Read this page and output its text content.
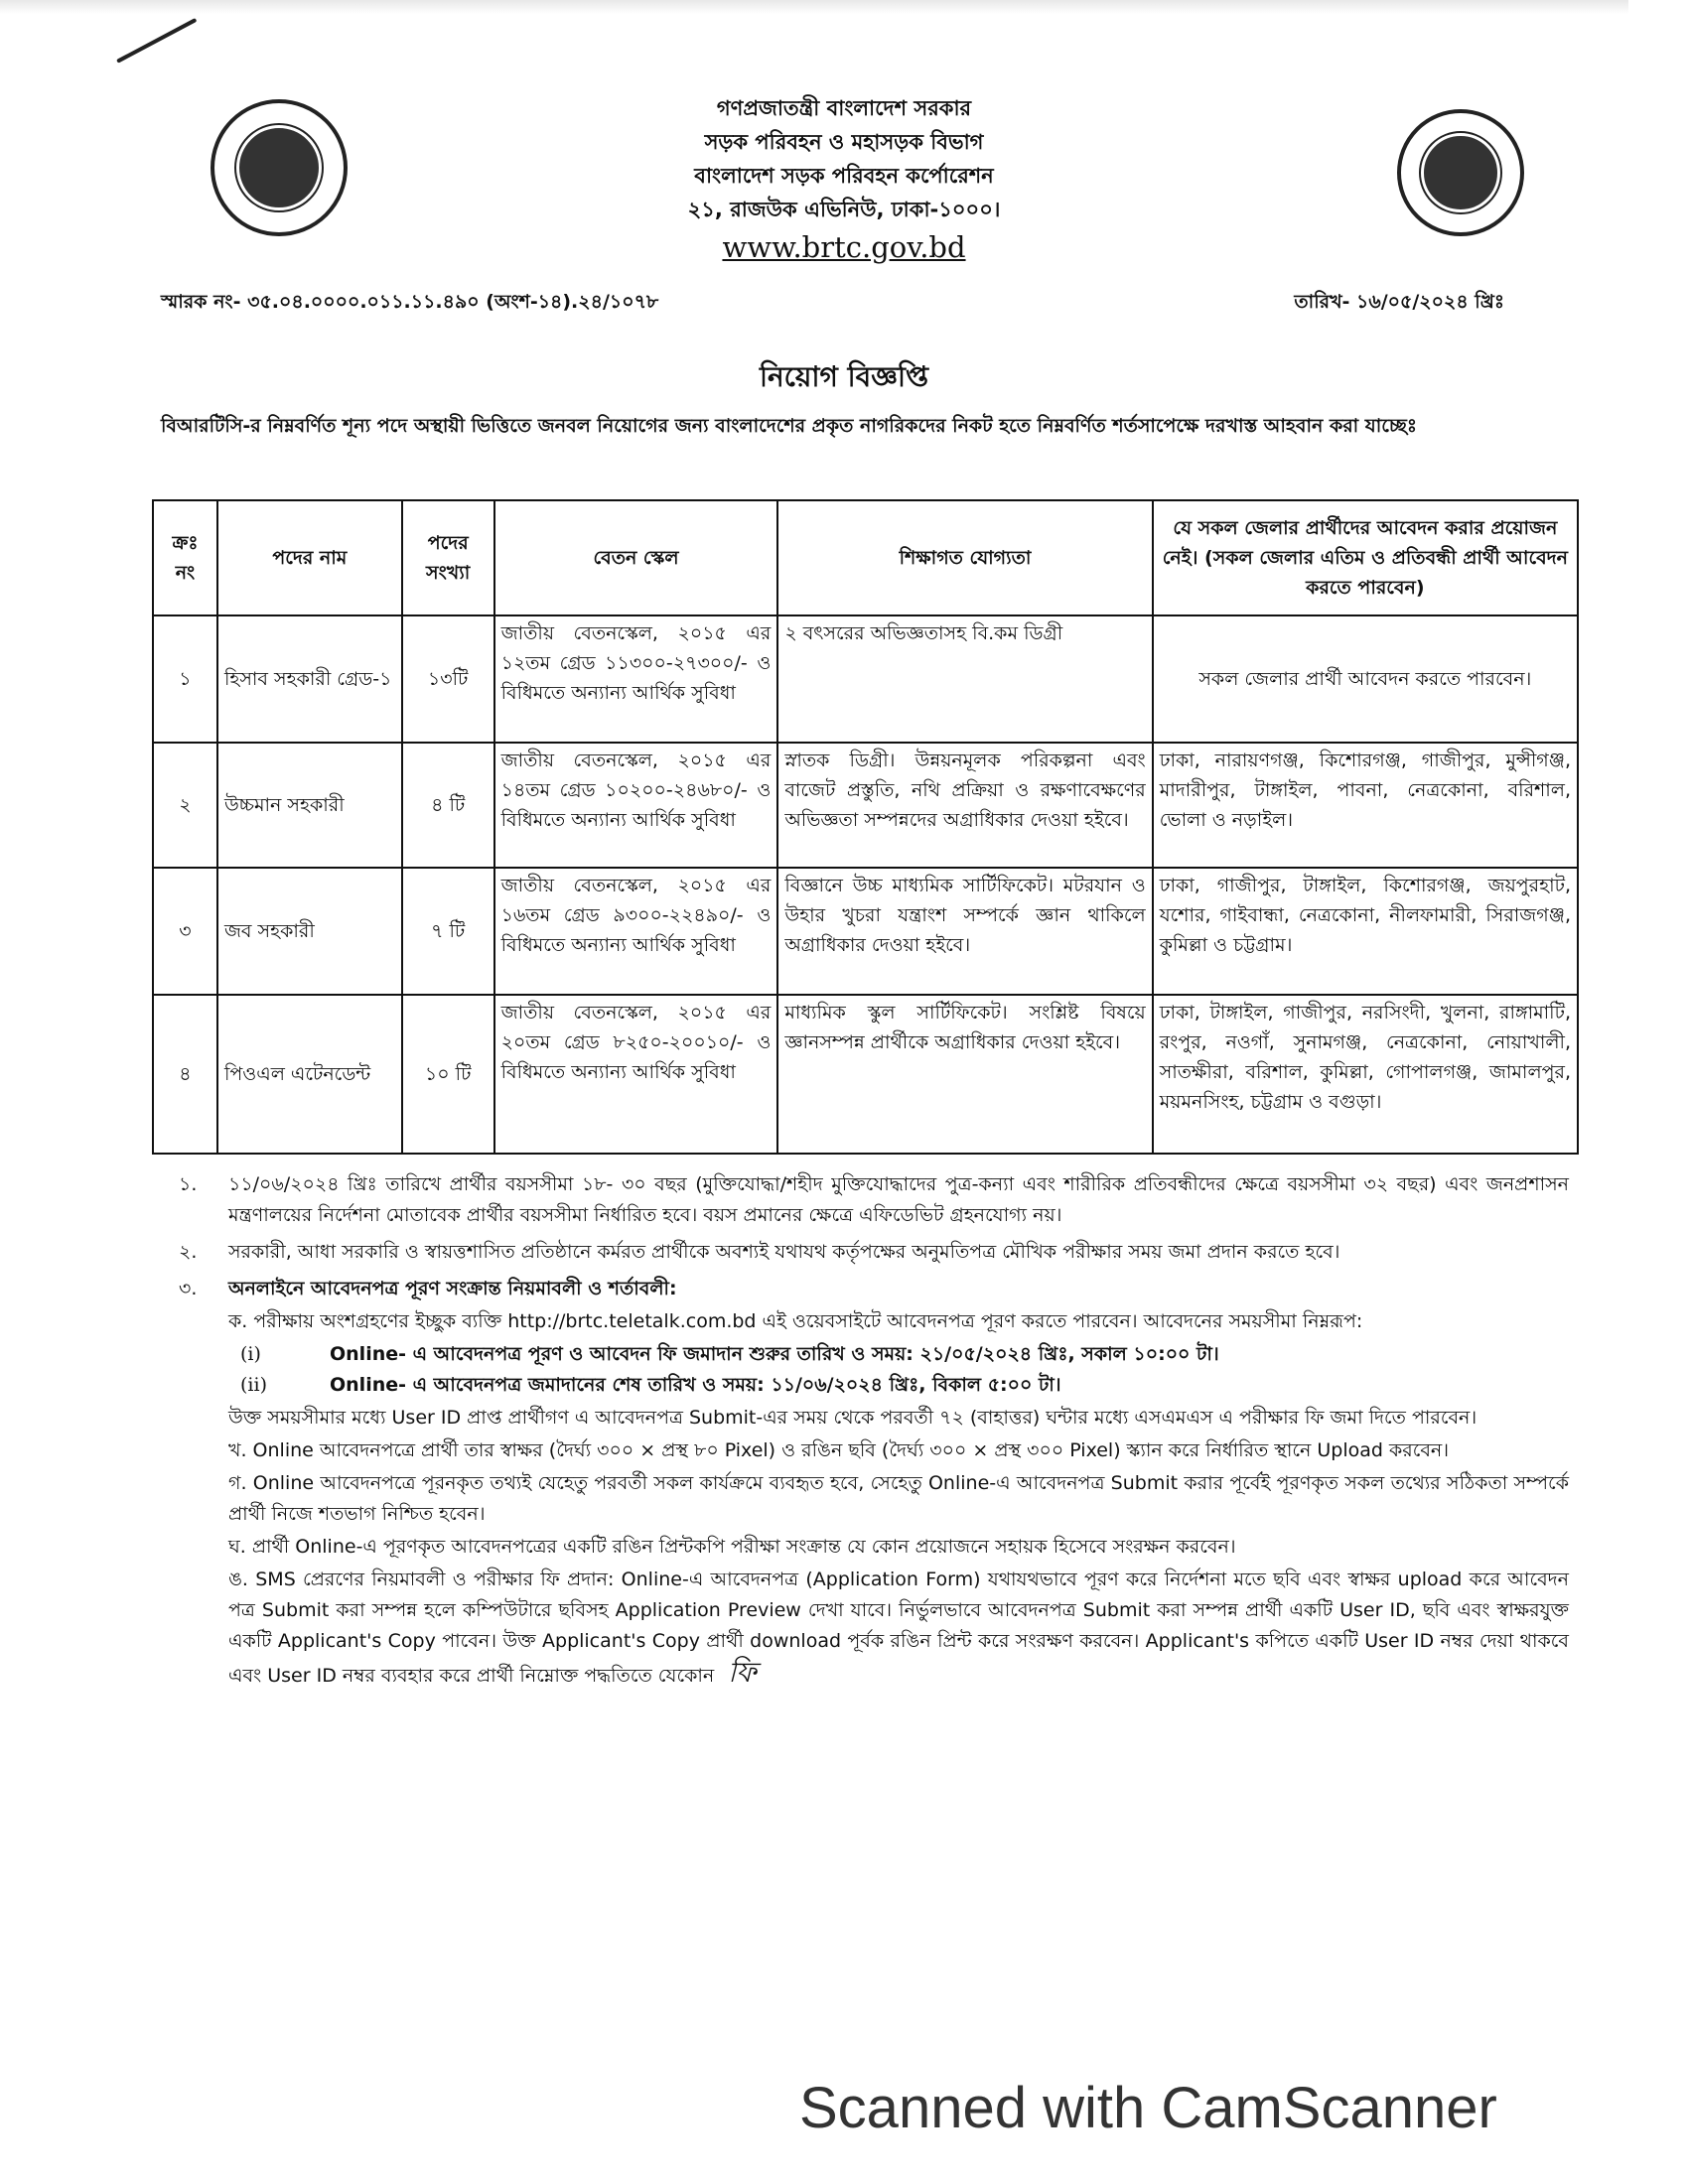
গণপ্রজাতন্ত্রী বাংলাদেশ সরকার
সড়ক পরিবহন ও মহাসড়ক বিভাগ
বাংলাদেশ সড়ক পরিবহন কর্পোরেশন
২১, রাজউক এভিনিউ, ঢাকা-১০০০।
www.brtc.gov.bd
স্মারক নং- ৩৫.০৪.০০০০.০১১.১১.৪৯০ (অংশ-১৪).২৪/১০৭৮	তারিখ- ১৬/০৫/২০২৪ খ্রিঃ
নিয়োগ বিজ্ঞপ্তি
বিআরটিসি-র নিম্নবর্ণিত শূন্য পদে অস্থায়ী ভিত্তিতে জনবল নিয়োগের জন্য বাংলাদেশের প্রকৃত নাগরিকদের নিকট হতে নিম্নবর্ণিত শর্তসাপেক্ষে দরখাস্ত আহবান করা যাচ্ছেঃ
ক্রঃ নং	পদের নাম	পদের সংখ্যা	বেতন স্কেল	শিক্ষাগত যোগ্যতা	যে সকল জেলার প্রার্থীদের আবেদন করার প্রয়োজন নেই। (সকল জেলার এতিম ও প্রতিবন্ধী প্রার্থী আবেদন করতে পারবেন)
১	হিসাব সহকারী গ্রেড-১	১৩টি	জাতীয় বেতনস্কেল, ২০১৫ এর ১২তম গ্রেড ১১৩০০-২৭৩০০/- ও বিধিমতে অন্যান্য আর্থিক সুবিধা	২ বৎসরের অভিজ্ঞতাসহ বি.কম ডিগ্রী	সকল জেলার প্রার্থী আবেদন করতে পারবেন।
২	উচ্চমান সহকারী	৪ টি	জাতীয় বেতনস্কেল, ২০১৫ এর ১৪তম গ্রেড ১০২০০-২৪৬৮০/- ও বিধিমতে অন্যান্য আর্থিক সুবিধা	স্নাতক ডিগ্রী। উন্নয়নমূলক পরিকল্পনা এবং বাজেট প্রস্তুতি, নথি প্রক্রিয়া ও রক্ষণাবেক্ষণের অভিজ্ঞতা সম্পন্নদের অগ্রাধিকার দেওয়া হইবে।	ঢাকা, নারায়ণগঞ্জ, কিশোরগঞ্জ, গাজীপুর, মুন্সীগঞ্জ, মাদারীপুর, টাঙ্গাইল, পাবনা, নেত্রকোনা, বরিশাল, ভোলা ও নড়াইল।
৩	জব সহকারী	৭ টি	জাতীয় বেতনস্কেল, ২০১৫ এর ১৬তম গ্রেড ৯৩০০-২২৪৯০/- ও বিধিমতে অন্যান্য আর্থিক সুবিধা	বিজ্ঞানে উচ্চ মাধ্যমিক সার্টিফিকেট। মটরযান ও উহার খুচরা যন্ত্রাংশ সম্পর্কে জ্ঞান থাকিলে অগ্রাধিকার দেওয়া হইবে।	ঢাকা, গাজীপুর, টাঙ্গাইল, কিশোরগঞ্জ, জয়পুরহাট, যশোর, গাইবান্ধা, নেত্রকোনা, নীলফামারী, সিরাজগঞ্জ, কুমিল্লা ও চট্টগ্রাম।
৪	পিওএল এটেনডেন্ট	১০ টি	জাতীয় বেতনস্কেল, ২০১৫ এর ২০তম গ্রেড ৮২৫০-২০০১০/- ও বিধিমতে অন্যান্য আর্থিক সুবিধা	মাধ্যমিক স্কুল সার্টিফিকেট। সংশ্লিষ্ট বিষয়ে জ্ঞানসম্পন্ন প্রার্থীকে অগ্রাধিকার দেওয়া হইবে।	ঢাকা, টাঙ্গাইল, গাজীপুর, নরসিংদী, খুলনা, রাঙ্গামাটি, রংপুর, নওগাঁ, সুনামগঞ্জ, নেত্রকোনা, নোয়াখালী, সাতক্ষীরা, বরিশাল, কুমিল্লা, গোপালগঞ্জ, জামালপুর, ময়মনসিংহ, চট্টগ্রাম ও বগুড়া।
১. ১১/০৬/২০২৪ খ্রিঃ তারিখে প্রার্থীর বয়সসীমা ১৮- ৩০ বছর (মুক্তিযোদ্ধা/শহীদ মুক্তিযোদ্ধাদের পুত্র-কন্যা এবং শারীরিক প্রতিবন্ধীদের ক্ষেত্রে বয়সসীমা ৩২ বছর) এবং জনপ্রশাসন মন্ত্রণালয়ের নির্দেশনা মোতাবেক প্রার্থীর বয়সসীমা নির্ধারিত হবে। বয়স প্রমানের ক্ষেত্রে এফিডেভিট গ্রহনযোগ্য নয়।
২. সরকারী, আধা সরকারি ও স্বায়ত্তশাসিত প্রতিষ্ঠানে কর্মরত প্রার্থীকে অবশ্যই যথাযথ কর্তৃপক্ষের অনুমতিপত্র মৌখিক পরীক্ষার সময় জমা প্রদান করতে হবে।
৩. অনলাইনে আবেদনপত্র পূরণ সংক্রান্ত নিয়মাবলী ও শর্তাবলী:
ক. পরীক্ষায় অংশগ্রহণের ইচ্ছুক ব্যক্তি http://brtc.teletalk.com.bd এই ওয়েবসাইটে আবেদনপত্র পূরণ করতে পারবেন। আবেদনের সময়সীমা নিম্নরূপ:
(i)	Online- এ আবেদনপত্র পূরণ ও আবেদন ফি জমাদান শুরুর তারিখ ও সময়: ২১/০৫/২০২৪ খ্রিঃ, সকাল ১০:০০ টা।
(ii)	Online- এ আবেদনপত্র জমাদানের শেষ তারিখ ও সময়: ১১/০৬/২০২৪ খ্রিঃ, বিকাল ৫:০০ টা।
উক্ত সময়সীমার মধ্যে User ID প্রাপ্ত প্রার্থীগণ এ আবেদনপত্র Submit-এর সময় থেকে পরবর্তী ৭২ (বাহাত্তর) ঘন্টার মধ্যে এসএমএস এ পরীক্ষার ফি জমা দিতে পারবেন।
খ. Online আবেদনপত্রে প্রার্থী তার স্বাক্ষর (দৈর্ঘ্য ৩০০ × প্রস্থ ৮০ Pixel) ও রঙিন ছবি (দৈর্ঘ্য ৩০০ × প্রস্থ ৩০০ Pixel) স্ক্যান করে নির্ধারিত স্থানে Upload করবেন।
গ. Online আবেদনপত্রে পূরনকৃত তথ্যই যেহেতু পরবর্তী সকল কার্যক্রমে ব্যবহৃত হবে, সেহেতু Online-এ আবেদনপত্র Submit করার পূর্বেই পূরণকৃত সকল তথ্যের সঠিকতা সম্পর্কে প্রার্থী নিজে শতভাগ নিশ্চিত হবেন।
ঘ. প্রার্থী Online-এ পূরণকৃত আবেদনপত্রের একটি রঙিন প্রিন্টকপি পরীক্ষা সংক্রান্ত যে কোন প্রয়োজনে সহায়ক হিসেবে সংরক্ষন করবেন।
ঙ. SMS প্রেরণের নিয়মাবলী ও পরীক্ষার ফি প্রদান: Online-এ আবেদনপত্র (Application Form) যথাযথভাবে পূরণ করে নির্দেশনা মতে ছবি এবং স্বাক্ষর upload করে আবেদন পত্র Submit করা সম্পন্ন হলে কম্পিউটারে ছবিসহ Application Preview দেখা যাবে। নির্ভুলভাবে আবেদনপত্র Submit করা সম্পন্ন প্রার্থী একটি User ID, ছবি এবং স্বাক্ষরযুক্ত একটি Applicant's Copy পাবেন। উক্ত Applicant's Copy প্রার্থী download পূর্বক রঙিন প্রিন্ট করে সংরক্ষণ করবেন। Applicant's কপিতে একটি User ID নম্বর দেয়া থাকবে এবং User ID নম্বর ব্যবহার করে প্রার্থী নিম্নোক্ত পদ্ধতিতে যেকোন ফি
Scanned with CamScanner
